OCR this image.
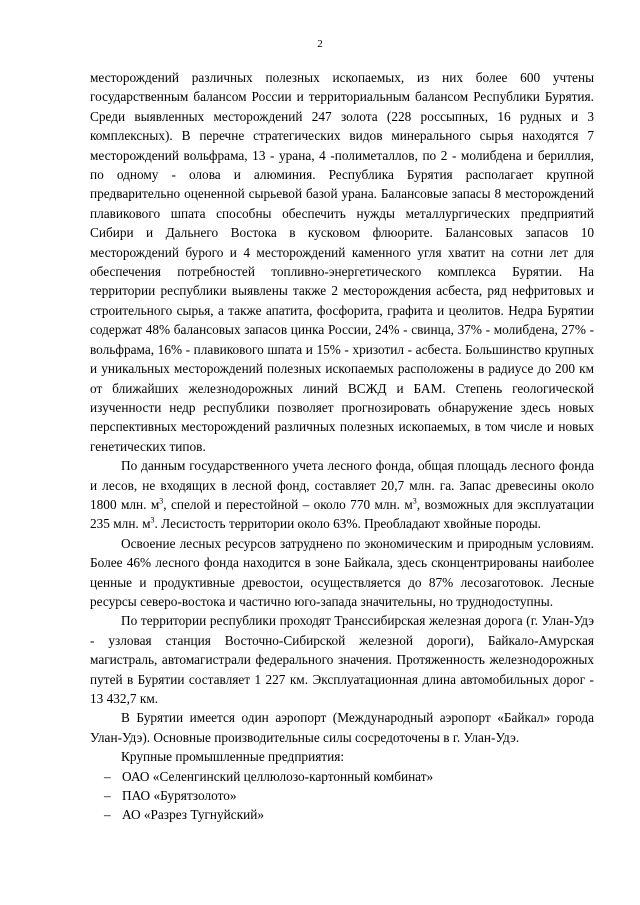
2

месторождений различных полезных ископаемых, из них более 600 учтены государственным балансом России и территориальным балансом Республики Бурятия. Среди выявленных месторождений 247 золота (228 россыпных, 16 рудных и 3 комплексных). В перечне стратегических видов минерального сырья находятся 7 месторождений вольфрама, 13 - урана, 4 -полиметаллов, по 2 - молибдена и бериллия, по одному - олова и алюминия. Республика Бурятия располагает крупной предварительно оцененной сырьевой базой урана. Балансовые запасы 8 месторождений плавикового шпата способны обеспечить нужды металлургических предприятий Сибири и Дальнего Востока в кусковом флюорите. Балансовых запасов 10 месторождений бурого и 4 месторождений каменного угля хватит на сотни лет для обеспечения потребностей топливно-энергетического комплекса Бурятии. На территории республики выявлены также 2 месторождения асбеста, ряд нефритовых и строительного сырья, а также апатита, фосфорита, графита и цеолитов. Недра Бурятии содержат 48% балансовых запасов цинка России, 24% - свинца, 37% - молибдена, 27% - вольфрама, 16% - плавикового шпата и 15% - хризотил - асбеста. Большинство крупных и уникальных месторождений полезных ископаемых расположены в радиусе до 200 км от ближайших железнодорожных линий ВСЖД и БАМ. Степень геологической изученности недр республики позволяет прогнозировать обнаружение здесь новых перспективных месторождений различных полезных ископаемых, в том числе и новых генетических типов.

По данным государственного учета лесного фонда, общая площадь лесного фонда и лесов, не входящих в лесной фонд, составляет 20,7 млн. га. Запас древесины около 1800 млн. $м^3$, спелой и перестойной – около 770 млн. $м^3$, возможных для эксплуатации 235 млн. $м^3$. Лесистость территории около 63%. Преобладают хвойные породы.

Освоение лесных ресурсов затруднено по экономическим и природным условиям. Более 46% лесного фонда находится в зоне Байкала, здесь сконцентрированы наиболее ценные и продуктивные древостои, осуществляется до 87% лесозаготовок. Лесные ресурсы северо-востока и частично юго-запада значительны, но труднодоступны.

По территории республики проходят Транссибирская железная дорога (г. Улан-Удэ - узловая станция Восточно-Сибирской железной дороги), Байкало-Амурская магистраль, автомагистрали федерального значения. Протяженность железнодорожных путей в Бурятии составляет 1 227 км. Эксплуатационная длина автомобильных дорог - 13 432,7 км.

В Бурятии имеется один аэропорт (Международный аэропорт «Байкал» города Улан-Удэ). Основные производительные силы сосредоточены в г. Улан-Удэ.

Крупные промышленные предприятия:

– ОАО «Селенгинский целлюлозо-картонный комбинат»
– ПАО «Бурятзолото»
– АО «Разрез Тугнуйский»
